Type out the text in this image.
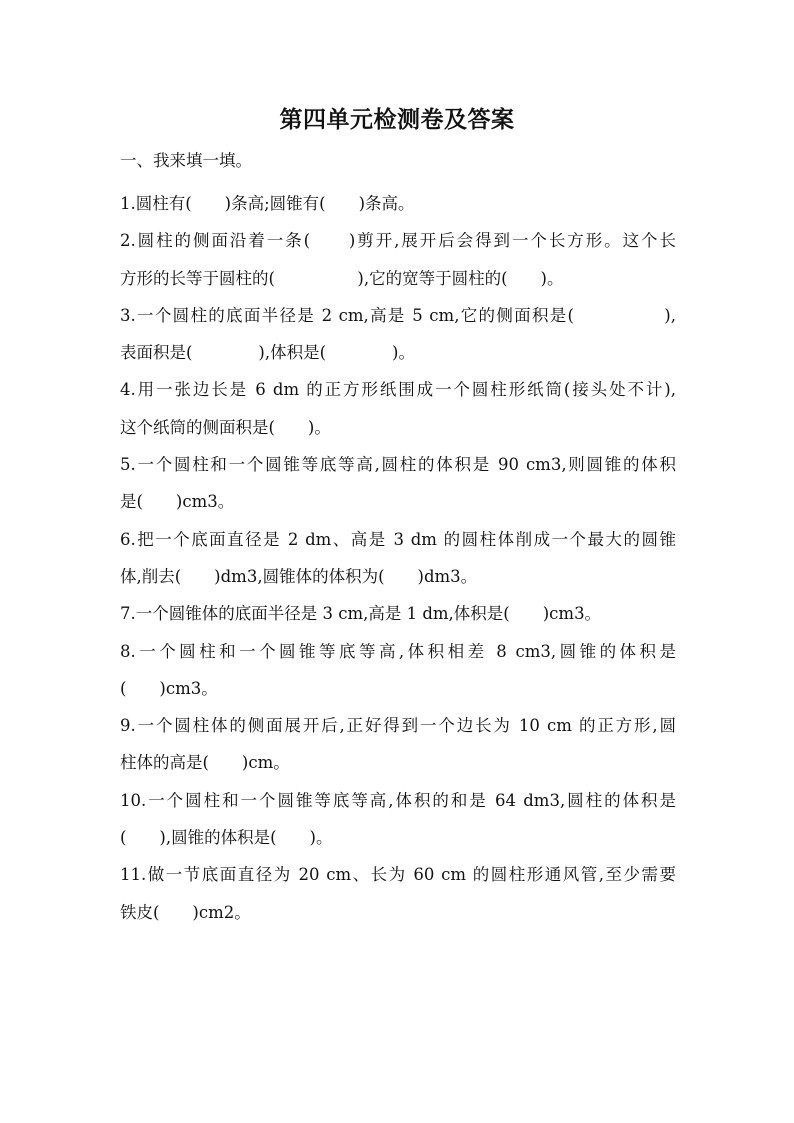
第四单元检测卷及答案
一、我来填一填。
1.圆柱有(　　)条高;圆锥有(　　)条高。
2.圆柱的侧面沿着一条(　　)剪开,展开后会得到一个长方形。这个长
方形的长等于圆柱的(　　　　　),它的宽等于圆柱的(　　)。
3.一个圆柱的底面半径是 2 cm,高是 5 cm,它的侧面积是(　　　　　),
表面积是(　　　　),体积是(　　　　)。
4.用一张边长是 6 dm 的正方形纸围成一个圆柱形纸筒(接头处不计),
这个纸筒的侧面积是(　　)。
5.一个圆柱和一个圆锥等底等高,圆柱的体积是 90 cm3,则圆锥的体积
是(　　)cm3。
6.把一个底面直径是 2 dm、高是 3 dm 的圆柱体削成一个最大的圆锥
体,削去(　　)dm3,圆锥体的体积为(　　)dm3。
7.一个圆锥体的底面半径是 3 cm,高是 1 dm,体积是(　　)cm3。
8.一个圆柱和一个圆锥等底等高,体积相差 8 cm3,圆锥的体积是
(　　)cm3。
9.一个圆柱体的侧面展开后,正好得到一个边长为 10 cm 的正方形,圆
柱体的高是(　　)cm。
10.一个圆柱和一个圆锥等底等高,体积的和是 64 dm3,圆柱的体积是
(　　),圆锥的体积是(　　)。
11.做一节底面直径为 20 cm、长为 60 cm 的圆柱形通风管,至少需要
铁皮(　　)cm2。
